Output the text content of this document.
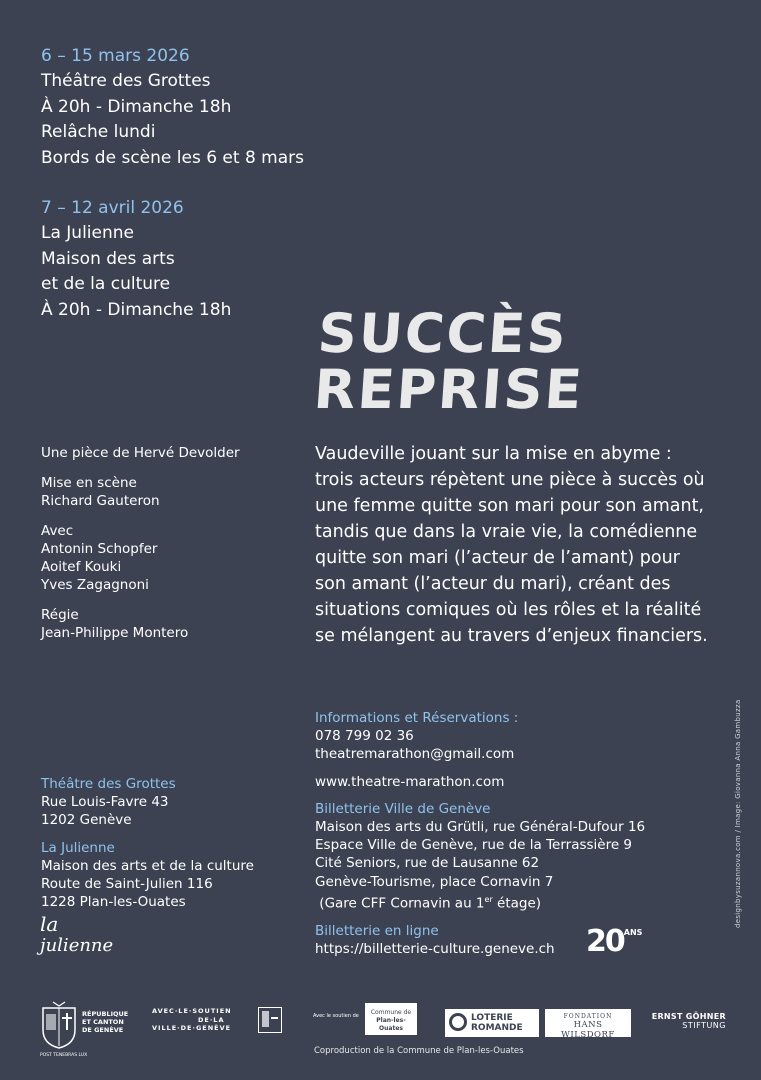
6 – 15 mars 2026
Théâtre des Grottes
À 20h - Dimanche 18h
Relâche lundi
Bords de scène les 6 et 8 mars
7 – 12 avril 2026
La Julienne
Maison des arts
et de la culture
À 20h - Dimanche 18h SUCCÈS
REPRISE
Une pièce de Hervé Devolder
Mise en scène
Richard Gauteron
Avec
Antonin Schopfer
Aoitef Kouki
Yves Zagagnoni
Régie
Jean-Philippe Montero
Vaudeville jouant sur la mise en abyme :
trois acteurs répètent une pièce à succès où
une femme quitte son mari pour son amant,
tandis que dans la vraie vie, la comédienne
quitte son mari (l’acteur de l’amant) pour
son amant (l’acteur du mari), créant des
situations comiques où les rôles et la réalité
se mélangent au travers d’enjeux financiers.
Théâtre des Grottes
Rue Louis-Favre 43
1202 Genève
La Julienne
Maison des arts et de la culture
Route de Saint-Julien 116
1228 Plan-les-Ouates
Informations et Réservations :
078 799 02 36
theatremarathon@gmail.com
www.theatre-marathon.com
Billetterie Ville de Genève
Maison des arts du Grütli, rue Général-Dufour 16
Espace Ville de Genève, rue de la Terrassière 9
Cité Seniors, rue de Lausanne 62
Genève-Tourisme, place Cornavin 7
(Gare CFF Cornavin au 1er étage)
Billetterie en ligne
https://billetterie-culture.geneve.ch
designbysuzannova.com / Image: Giovanna Anna Gambuzza
la
julienne	$20^{ANS}$
RÉPUBLIQUE
ET CANTON
DE GENÈVE
POST TENEBRAS LUX
AVEC·LE·SOUTIEN
DE·LA
VILLE·DE·GENÈVE
Avec le soutien de	Commune de
Plan-les-Ouates
LOTERIE
ROMANDE
FONDATION
HANS WILSDORF
ERNST GÖHNER
STIFTUNG
Coproduction de la Commune de Plan-les-Ouates
